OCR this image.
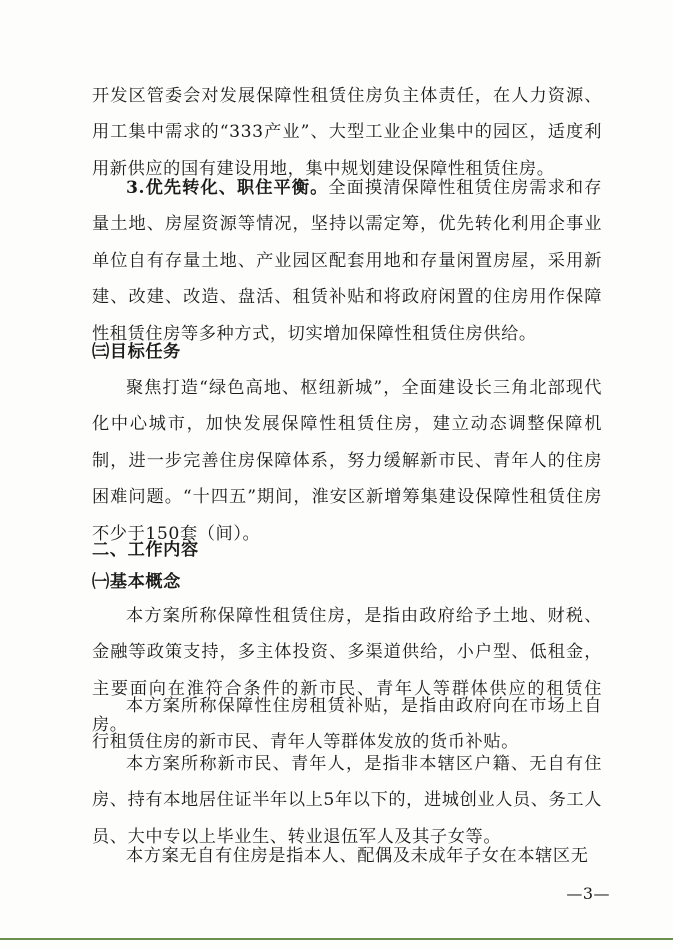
开发区管委会对发展保障性租赁住房负主体责任，在人力资源、用工集中需求的“333产业”、大型工业企业集中的园区，适度利用新供应的国有建设用地，集中规划建设保障性租赁住房。

3.优先转化、职住平衡。全面摸清保障性租赁住房需求和存量土地、房屋资源等情况，坚持以需定筹，优先转化利用企事业单位自有存量土地、产业园区配套用地和存量闲置房屋，采用新建、改建、改造、盘活、租赁补贴和将政府闲置的住房用作保障性租赁住房等多种方式，切实增加保障性租赁住房供给。

㈢目标任务

聚焦打造“绿色高地、枢纽新城”，全面建设长三角北部现代化中心城市，加快发展保障性租赁住房，建立动态调整保障机制，进一步完善住房保障体系，努力缓解新市民、青年人的住房困难问题。“十四五”期间，淮安区新增筹集建设保障性租赁住房不少于150套（间）。

二、工作内容
㈠基本概念

本方案所称保障性租赁住房，是指由政府给予土地、财税、金融等政策支持，多主体投资、多渠道供给，小户型、低租金，主要面向在淮符合条件的新市民、青年人等群体供应的租赁住房。

本方案所称保障性住房租赁补贴，是指由政府向在市场上自行租赁住房的新市民、青年人等群体发放的货币补贴。

本方案所称新市民、青年人，是指非本辖区户籍、无自有住房、持有本地居住证半年以上5年以下的，进城创业人员、务工人员、大中专以上毕业生、转业退伍军人及其子女等。

本方案无自有住房是指本人、配偶及未成年子女在本辖区无

—3—
